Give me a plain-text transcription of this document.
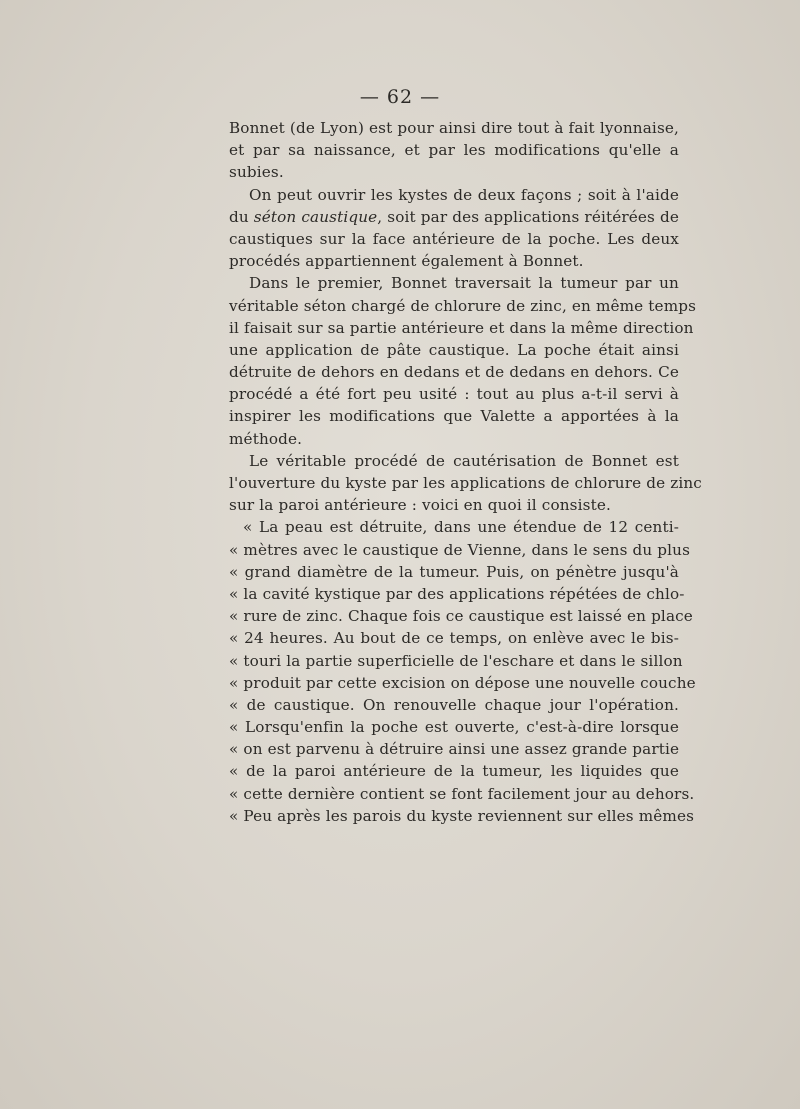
— 62 —
Bonnet (de Lyon) est pour ainsi dire tout à fait lyonnaise,
et par sa naissance, et par les modifications qu'elle a
subies.
On peut ouvrir les kystes de deux façons ; soit à l'aide
du séton caustique, soit par des applications réitérées de
caustiques sur la face antérieure de la poche. Les deux
procédés appartiennent également à Bonnet.
Dans le premier, Bonnet traversait la tumeur par un
véritable séton chargé de chlorure de zinc, en même temps
il faisait sur sa partie antérieure et dans la même direction
une application de pâte caustique. La poche était ainsi
détruite de dehors en dedans et de dedans en dehors. Ce
procédé a été fort peu usité : tout au plus a-t-il servi à
inspirer les modifications que Valette a apportées à la
méthode.
Le véritable procédé de cautérisation de Bonnet est
l'ouverture du kyste par les applications de chlorure de zinc
sur la paroi antérieure : voici en quoi il consiste.
« La peau est détruite, dans une étendue de 12 centi-
« mètres avec le caustique de Vienne, dans le sens du plus
« grand diamètre de la tumeur. Puis, on pénètre jusqu'à
« la cavité kystique par des applications répétées de chlo-
« rure de zinc. Chaque fois ce caustique est laissé en place
« 24 heures. Au bout de ce temps, on enlève avec le bis-
« touri la partie superficielle de l'eschare et dans le sillon
« produit par cette excision on dépose une nouvelle couche
« de caustique. On renouvelle chaque jour l'opération.
« Lorsqu'enfin la poche est ouverte, c'est-à-dire lorsque
« on est parvenu à détruire ainsi une assez grande partie
« de la paroi antérieure de la tumeur, les liquides que
« cette dernière contient se font facilement jour au dehors.
« Peu après les parois du kyste reviennent sur elles mêmes
